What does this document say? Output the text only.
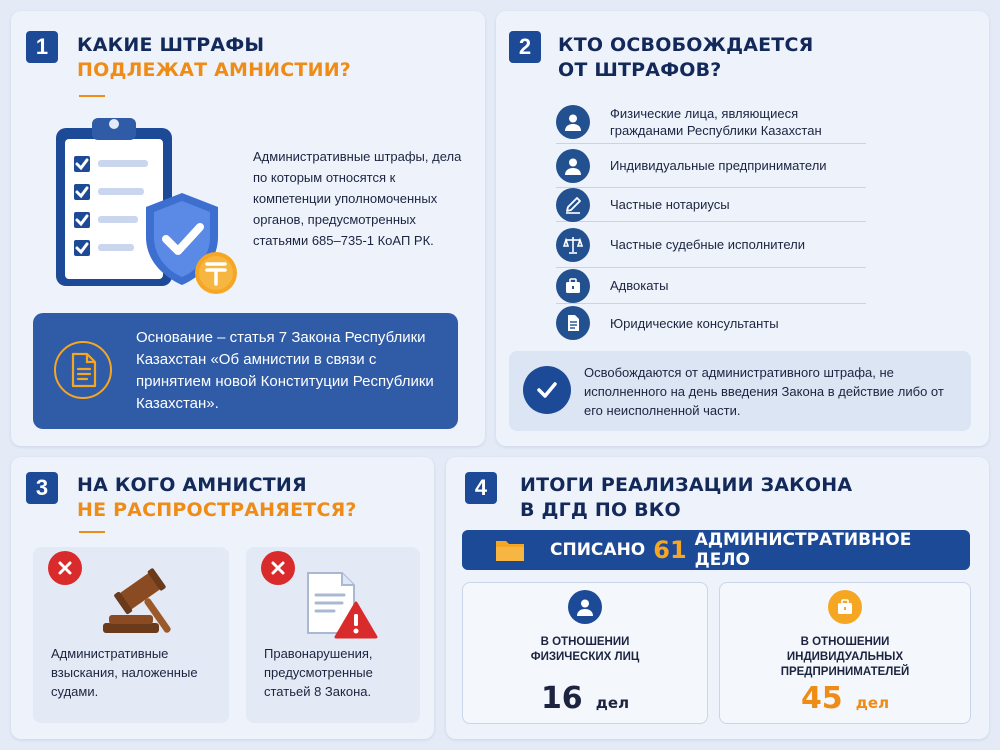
1	КАКИЕ ШТРАФЫ
ПОДЛЕЖАТ АМНИСТИИ?
Административные штрафы, дела по которым относятся к компетенции уполномоченных органов, предусмотренных статьями 685–735-1 КоАП РК.
Основание – статья 7 Закона Республики Казахстан «Об амнистии в связи с принятием новой Конституции Республики Казахстан».
2	КТО ОСВОБОЖДАЕТСЯ
ОТ ШТРАФОВ?
Физические лица, являющиеся гражданами Республики Казахстан
Индивидуальные предприниматели
Частные нотариусы
Частные судебные исполнители
Адвокаты
Юридические консультанты
Освобождаются от административного штрафа, не исполненного на день введения Закона в действие либо от его неисполненной части.
3	НА КОГО АМНИСТИЯ
НЕ РАСПРОСТРАНЯЕТСЯ?
Административные взыскания, наложенные судами.
Правонарушения, предусмотренные статьей 8 Закона.
4	ИТОГИ РЕАЛИЗАЦИИ ЗАКОНА
В ДГД ПО ВКО
СПИСАНО 61 АДМИНИСТРАТИВНОЕ ДЕЛО
В ОТНОШЕНИИ ФИЗИЧЕСКИХ ЛИЦ
16 дел
В ОТНОШЕНИИ ИНДИВИДУАЛЬНЫХ ПРЕДПРИНИМАТЕЛЕЙ
45 дел
